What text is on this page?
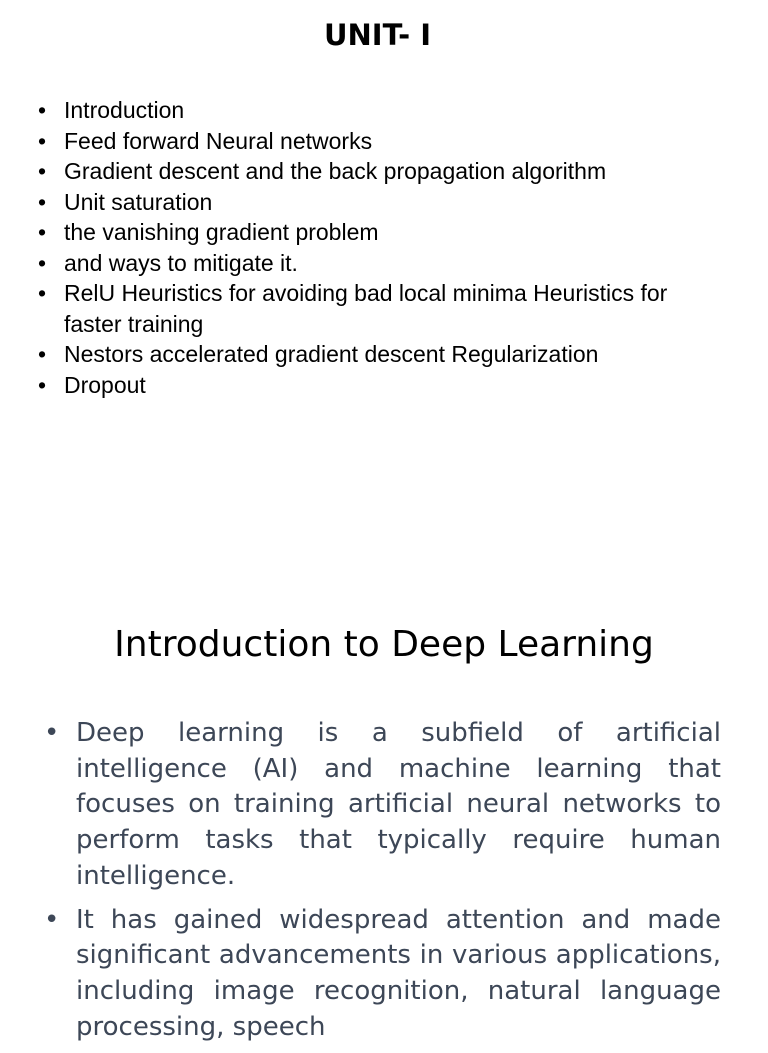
UNIT- I
• Introduction
• Feed forward Neural networks
• Gradient descent and the back propagation algorithm
• Unit saturation
• the vanishing gradient problem
• and ways to mitigate it.
• RelU Heuristics for avoiding bad local minima Heuristics for faster training
• Nestors accelerated gradient descent Regularization
• Dropout
Introduction to Deep Learning
• Deep learning is a subfield of artificial intelligence (AI) and machine learning that focuses on training artificial neural networks to perform tasks that typically require human intelligence.
• It has gained widespread attention and made significant advancements in various applications, including image recognition, natural language processing, speech
